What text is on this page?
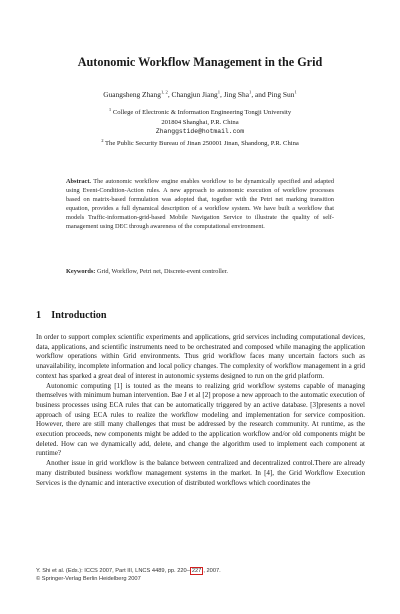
Autonomic Workflow Management in the Grid
Guangsheng Zhang$^{1, 2}$, Changjun Jiang$^1$, Jing Sha$^1$, and Ping Sun$^1$
$^1$ College of Electronic & Information Engineering Tongji University
201804 Shanghai, P.R. China
Zhanggstide@hotmail.com
$^2$ The Public Security Bureau of Jinan 250001 Jinan, Shandong, P.R. China
Abstract. The autonomic workflow engine enables workflow to be dynamically specified and adapted using Event-Condition-Action rules. A new approach to autonomic execution of workflow processes based on matrix-based formulation was adopted that, together with the Petri net marking transition equation, provides a full dynamical description of a workflow system. We have built a workflow that models Traffic-information-grid-based Mobile Navigation Service to illustrate the quality of self-management using DEC through awareness of the computational environment.
Keywords: Grid, Workflow, Petri net, Discrete-event controller.
1 Introduction

In order to support complex scientific experiments and applications, grid services including computational devices, data, applications, and scientific instruments need to be orchestrated and composed while managing the application workflow operations within Grid environments. Thus grid workflow faces many uncertain factors such as unavailability, incomplete information and local policy changes. The complexity of workflow management in a grid context has sparked a great deal of interest in autonomic systems designed to run on the grid platform.

Autonomic computing [1] is touted as the means to realizing grid workflow systems capable of managing themselves with minimum human intervention. Bae J et al [2] propose a new approach to the automatic execution of business processes using ECA rules that can be automatically triggered by an active database. [3]presents a novel approach of using ECA rules to realize the workflow modeling and implementation for service composition. However, there are still many challenges that must be addressed by the research community. At runtime, as the execution proceeds, new components might be added to the application workflow and/or old components might be deleted. How can we dynamically add, delete, and change the algorithm used to implement each component at runtime?

Another issue in grid workflow is the balance between centralized and decentralized control.There are already many distributed business workflow management systems in the market. In [4], the Grid Workflow Execution Services is the dynamic and interactive execution of distributed workflows which coordinates the

Y. Shi et al. (Eds.): ICCS 2007, Part III, LNCS 4489, pp. 220– 227 , 2007.
© Springer-Verlag Berlin Heidelberg 2007
